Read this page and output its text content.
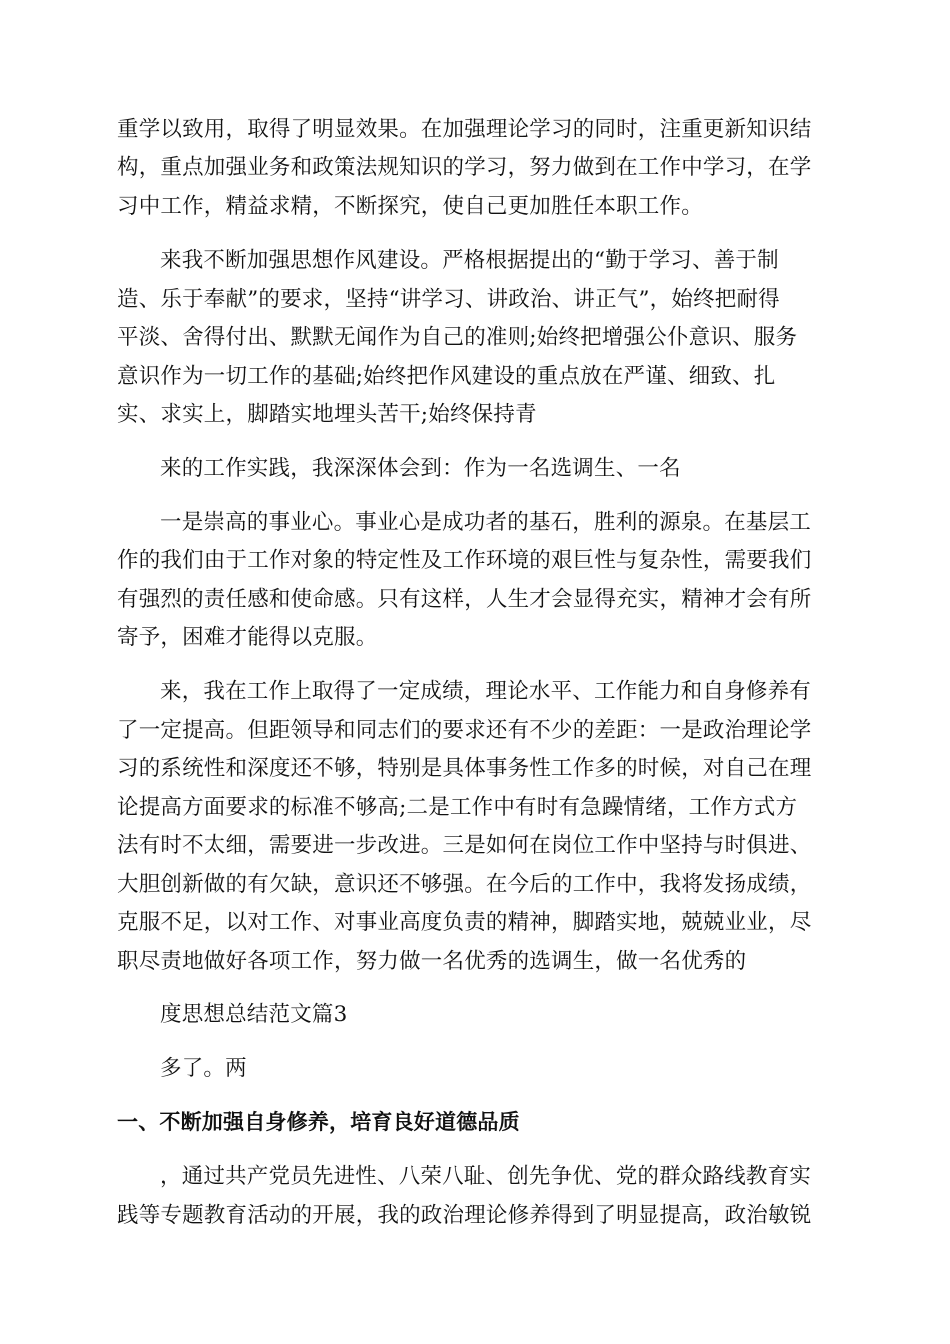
重学以致用，取得了明显效果。在加强理论学习的同时，注重更新知识结
构，重点加强业务和政策法规知识的学习，努力做到在工作中学习，在学
习中工作，精益求精，不断探究，使自己更加胜任本职工作。
来我不断加强思想作风建设。严格根据提出的“勤于学习、善于制
造、乐于奉献”的要求，坚持“讲学习、讲政治、讲正气”，始终把耐得
平淡、舍得付出、默默无闻作为自己的准则;始终把增强公仆意识、服务
意识作为一切工作的基础;始终把作风建设的重点放在严谨、细致、扎
实、求实上，脚踏实地埋头苦干;始终保持青
来的工作实践，我深深体会到：作为一名选调生、一名
一是崇高的事业心。事业心是成功者的基石，胜利的源泉。在基层工
作的我们由于工作对象的特定性及工作环境的艰巨性与复杂性，需要我们
有强烈的责任感和使命感。只有这样，人生才会显得充实，精神才会有所
寄予，困难才能得以克服。
来，我在工作上取得了一定成绩，理论水平、工作能力和自身修养有
了一定提高。但距领导和同志们的要求还有不少的差距：一是政治理论学
习的系统性和深度还不够，特别是具体事务性工作多的时候，对自己在理
论提高方面要求的标准不够高;二是工作中有时有急躁情绪，工作方式方
法有时不太细，需要进一步改进。三是如何在岗位工作中坚持与时俱进、
大胆创新做的有欠缺，意识还不够强。在今后的工作中，我将发扬成绩，
克服不足，以对工作、对事业高度负责的精神，脚踏实地，兢兢业业，尽
职尽责地做好各项工作，努力做一名优秀的选调生，做一名优秀的
度思想总结范文篇3
多了。两
一、不断加强自身修养，培育良好道德品质
，通过共产党员先进性、八荣八耻、创先争优、党的群众路线教育实
践等专题教育活动的开展，我的政治理论修养得到了明显提高，政治敏锐
